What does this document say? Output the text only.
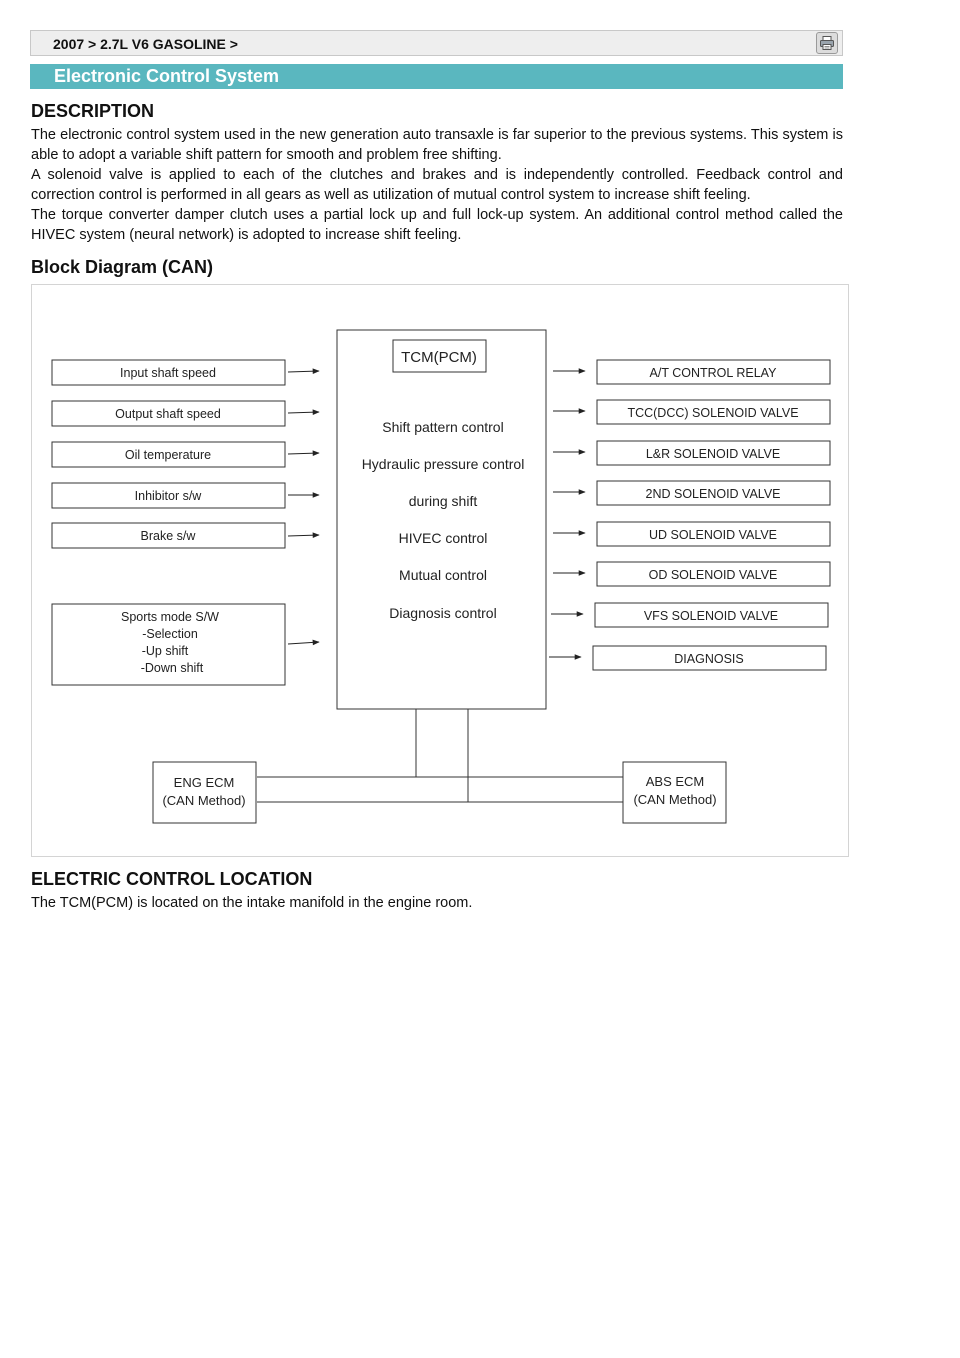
2007 > 2.7L V6 GASOLINE >
Electronic Control System
DESCRIPTION

The electronic control system used in the new generation auto transaxle is far superior to the previous systems. This system is able to adopt a variable shift pattern for smooth and problem free shifting.

A solenoid valve is applied to each of the clutches and brakes and is independently controlled. Feedback control and correction control is performed in all gears as well as utilization of mutual control system to increase shift feeling.

The torque converter damper clutch uses a partial lock up and full lock-up system. An additional control method called the HIVEC system (neural network) is adopted to increase shift feeling.

Block Diagram (CAN)
TCM(PCM)
Shift pattern control
Hydraulic pressure control
during shift
HIVEC control
Mutual control
Diagnosis control
Input shaft speed
Output shaft speed
Oil temperature
Inhibitor s/w
Brake s/w
Sports mode S/W
-Selection
-Up shift
-Down shift
A/T CONTROL RELAY
TCC(DCC) SOLENOID VALVE
L&R SOLENOID VALVE
2ND SOLENOID VALVE
UD SOLENOID VALVE
OD SOLENOID VALVE
VFS SOLENOID VALVE
DIAGNOSIS
ENG ECM
(CAN Method)
ABS ECM
(CAN Method)
ELECTRIC CONTROL LOCATION

The TCM(PCM) is located on the intake manifold in the engine room.
